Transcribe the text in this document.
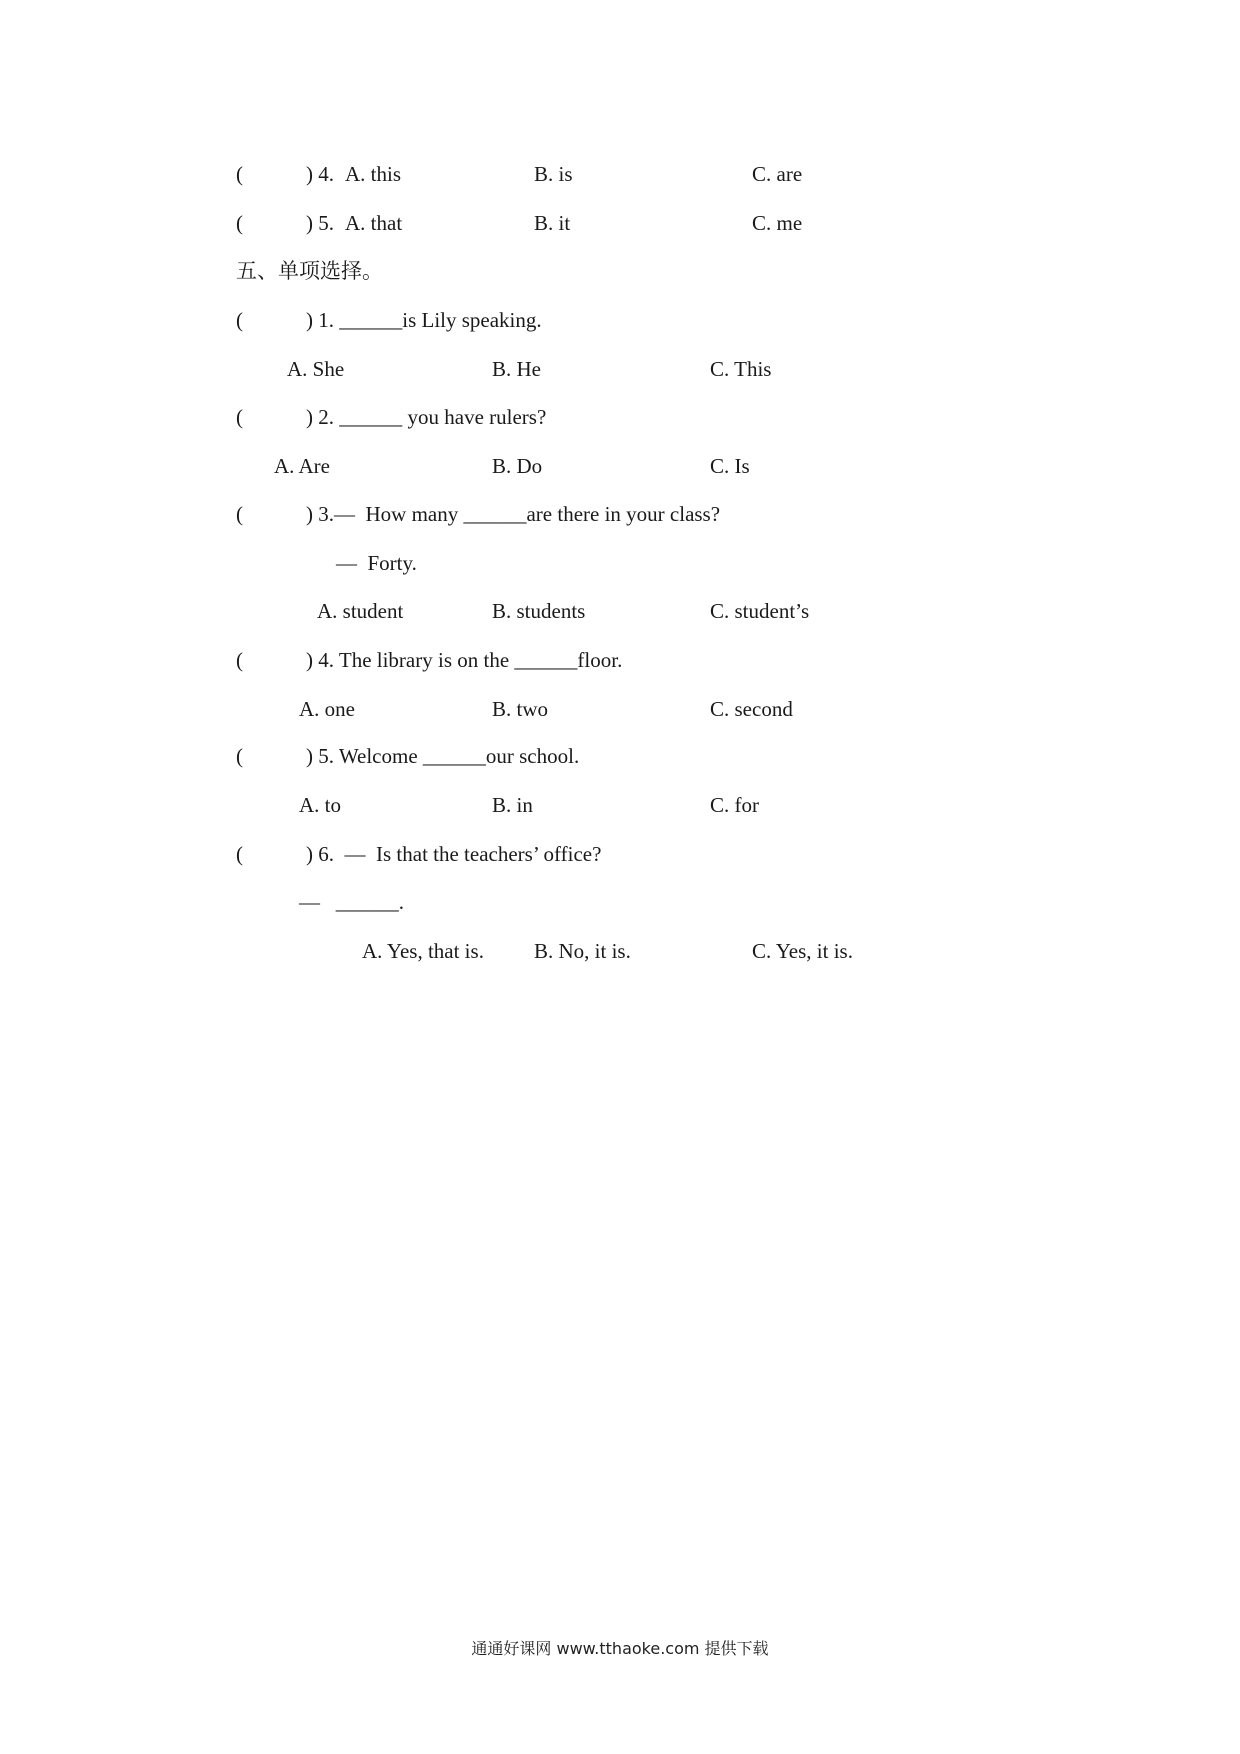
(	) 4. A. this	B. is	C. are
(	) 5. A. that	B. it	C. me
五、单项选择。
(	) 1. ______is Lily speaking.
A. She	B. He	C. This
(	) 2. ______ you have rulers?
A. Are	B. Do	C. Is
(	) 3.—  How many ______are there in your class?
—  Forty.
A. student	B. students	C. student’s
(	) 4. The library is on the ______floor.
A. one	B. two	C. second
(	) 5. Welcome ______our school.
A. to	B. in	C. for
(	) 6.  —  Is that the teachers’ office?
—   ______.
A. Yes, that is. B. No, it is.	C. Yes, it is.
通通好课网 www.tthaoke.com 提供下载
